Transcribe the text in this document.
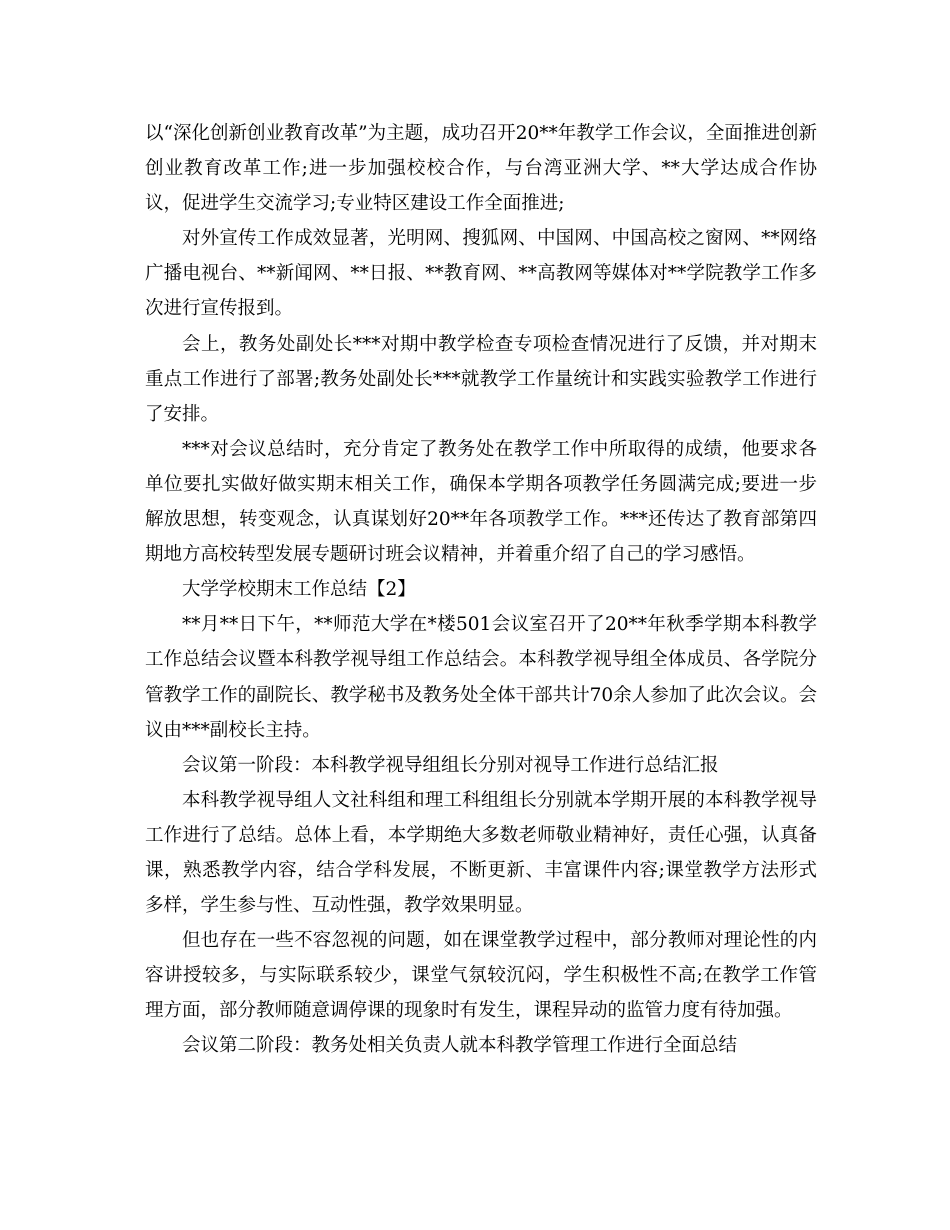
以“深化创新创业教育改革”为主题，成功召开20**年教学工作会议，全面推进创新创业教育改革工作;进一步加强校校合作，与台湾亚洲大学、**大学达成合作协议，促进学生交流学习;专业特区建设工作全面推进;

对外宣传工作成效显著，光明网、搜狐网、中国网、中国高校之窗网、**网络广播电视台、**新闻网、**日报、**教育网、**高教网等媒体对**学院教学工作多次进行宣传报到。

会上，教务处副处长***对期中教学检查专项检查情况进行了反馈，并对期末重点工作进行了部署;教务处副处长***就教学工作量统计和实践实验教学工作进行了安排。

***对会议总结时，充分肯定了教务处在教学工作中所取得的成绩，他要求各单位要扎实做好做实期末相关工作，确保本学期各项教学任务圆满完成;要进一步解放思想，转变观念，认真谋划好20**年各项教学工作。***还传达了教育部第四期地方高校转型发展专题研讨班会议精神，并着重介绍了自己的学习感悟。

大学学校期末工作总结【2】

**月**日下午，**师范大学在*楼501会议室召开了20**年秋季学期本科教学工作总结会议暨本科教学视导组工作总结会。本科教学视导组全体成员、各学院分管教学工作的副院长、教学秘书及教务处全体干部共计70余人参加了此次会议。会议由***副校长主持。

会议第一阶段：本科教学视导组组长分别对视导工作进行总结汇报

本科教学视导组人文社科组和理工科组组长分别就本学期开展的本科教学视导工作进行了总结。总体上看，本学期绝大多数老师敬业精神好，责任心强，认真备课，熟悉教学内容，结合学科发展，不断更新、丰富课件内容;课堂教学方法形式多样，学生参与性、互动性强，教学效果明显。

但也存在一些不容忽视的问题，如在课堂教学过程中，部分教师对理论性的内容讲授较多，与实际联系较少，课堂气氛较沉闷，学生积极性不高;在教学工作管理方面，部分教师随意调停课的现象时有发生，课程异动的监管力度有待加强。

会议第二阶段：教务处相关负责人就本科教学管理工作进行全面总结
